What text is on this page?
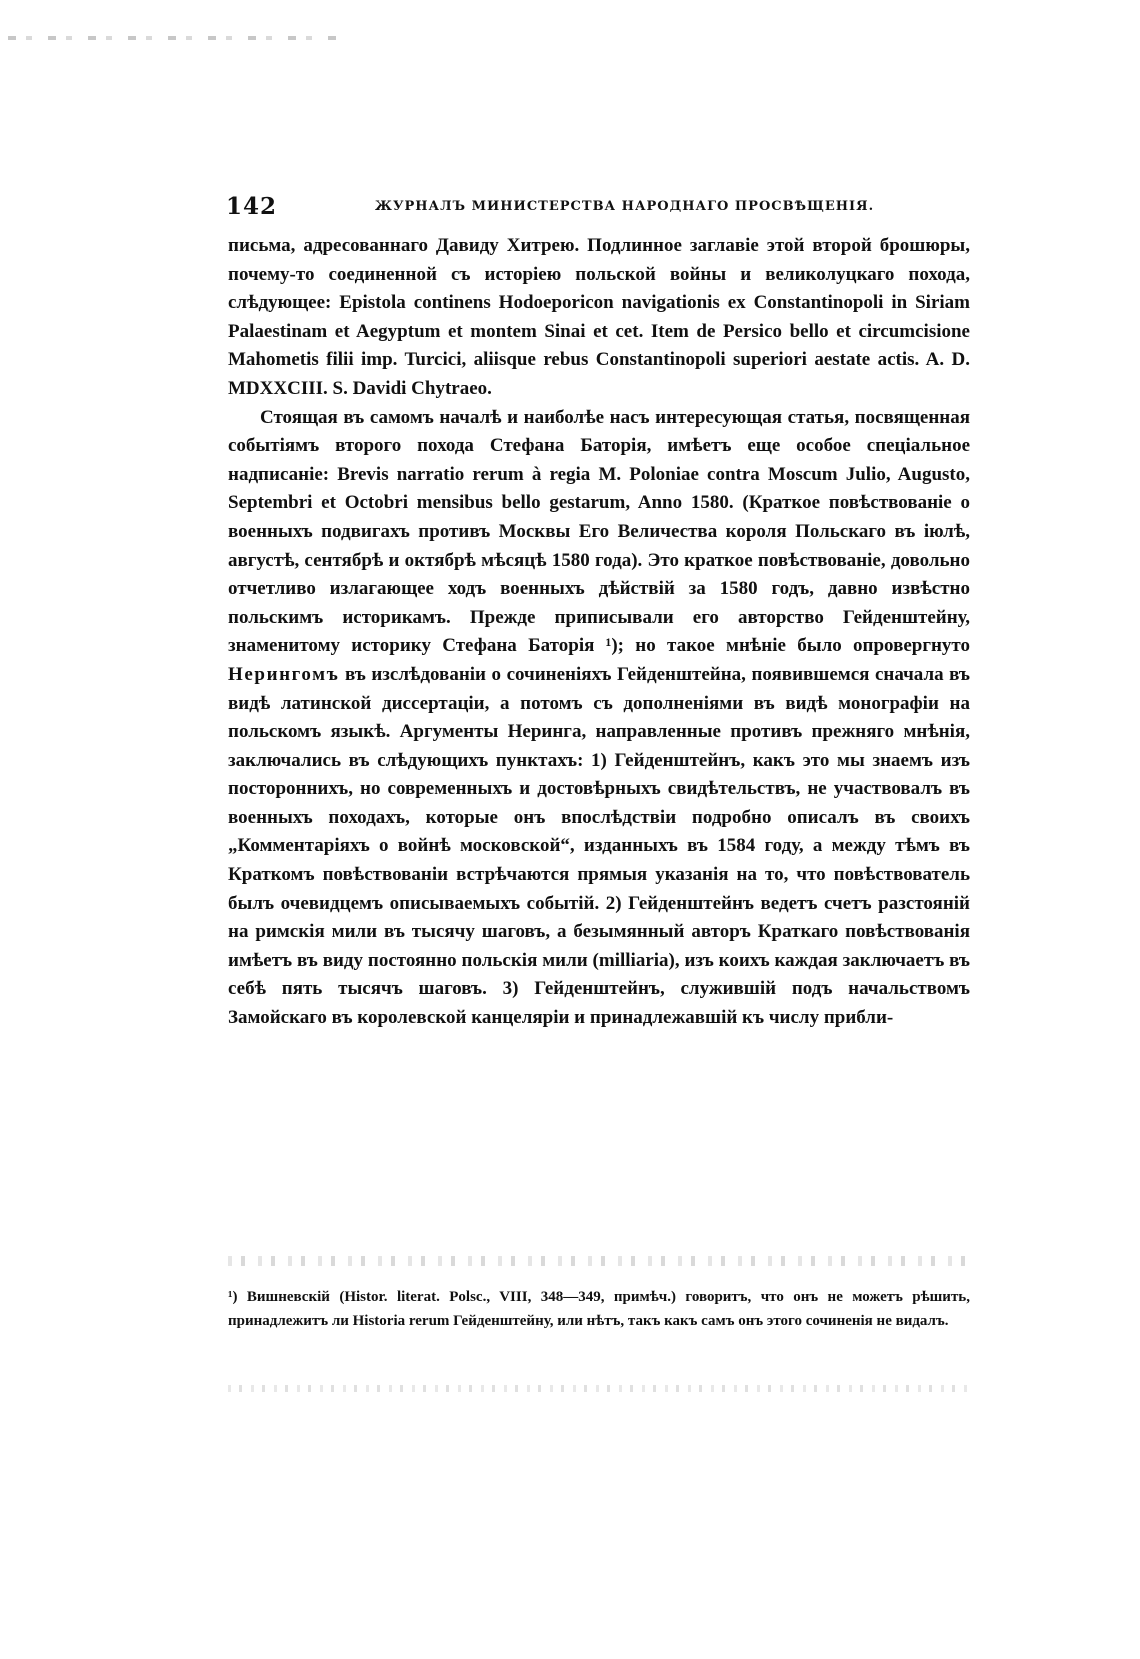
142	ЖУРНАЛЪ МИНИСТЕРСТВА НАРОДНАГО ПРОСВѢЩЕНІЯ.

письма, адресованнаго Давиду Хитрею. Подлинное заглавіе этой второй брошюры, почему-то соединенной съ исторіею польской войны и великолуцкаго похода, слѣдующее: Epistola continens Hodoeporicon navigationis ex Constantinopoli in Siriam Palaestinam et Aegyptum et montem Sinai et cet. Item de Persico bello et circumcisione Mahometis filii imp. Turcici, aliisque rebus Constantinopoli superiori aestate actis. A. D. MDXXCIII. S. Davidi Chytraeo.

Стоящая въ самомъ началѣ и наиболѣе насъ интересующая статья, посвященная событіямъ второго похода Стефана Баторія, имѣетъ еще особое спеціальное надписаніе: Brevis narratio rerum à regia M. Poloniae contra Moscum Julio, Augusto, Septembri et Octobri mensibus bello gestarum, Anno 1580. (Краткое повѣствованіе о военныхъ подвигахъ противъ Москвы Его Величества короля Польскаго въ іюлѣ, августѣ, сентябрѣ и октябрѣ мѣсяцѣ 1580 года). Это краткое повѣствованіе, довольно отчетливо излагающее ходъ военныхъ дѣйствій за 1580 годъ, давно извѣстно польскимъ историкамъ. Прежде приписывали его авторство Гейденштейну, знаменитому историку Стефана Баторія ¹); но такое мнѣніе было опровергнуто Нерингомъ въ изслѣдованіи о сочиненіяхъ Гейденштейна, появившемся сначала въ видѣ латинской диссертаціи, а потомъ съ дополненіями въ видѣ монографіи на польскомъ языкѣ. Аргументы Неринга, направленные противъ прежняго мнѣнія, заключались въ слѣдующихъ пунктахъ: 1) Гейденштейнъ, какъ это мы знаемъ изъ постороннихъ, но современныхъ и достовѣрныхъ свидѣтельствъ, не участвовалъ въ военныхъ походахъ, которые онъ впослѣдствіи подробно описалъ въ своихъ „Комментаріяхъ о войнѣ московской“, изданныхъ въ 1584 году, а между тѣмъ въ Краткомъ повѣствованіи встрѣчаются прямыя указанія на то, что повѣствователь былъ очевидцемъ описываемыхъ событій. 2) Гейденштейнъ ведетъ счетъ разстояній на римскія мили въ тысячу шаговъ, а безымянный авторъ Краткаго повѣствованія имѣетъ въ виду постоянно польскія мили (milliaria), изъ коихъ каждая заключаетъ въ себѣ пять тысячъ шаговъ. 3) Гейденштейнъ, служившій подъ начальствомъ Замойскаго въ королевской канцеляріи и принадлежавшій къ числу прибли-

¹) Вишневскій (Histor. literat. Polsc., VIII, 348—349, примѣч.) говоритъ, что онъ не можетъ рѣшить, принадлежитъ ли Historia rerum Гейденштейну, или нѣтъ, такъ какъ самъ онъ этого сочиненія не видалъ.
